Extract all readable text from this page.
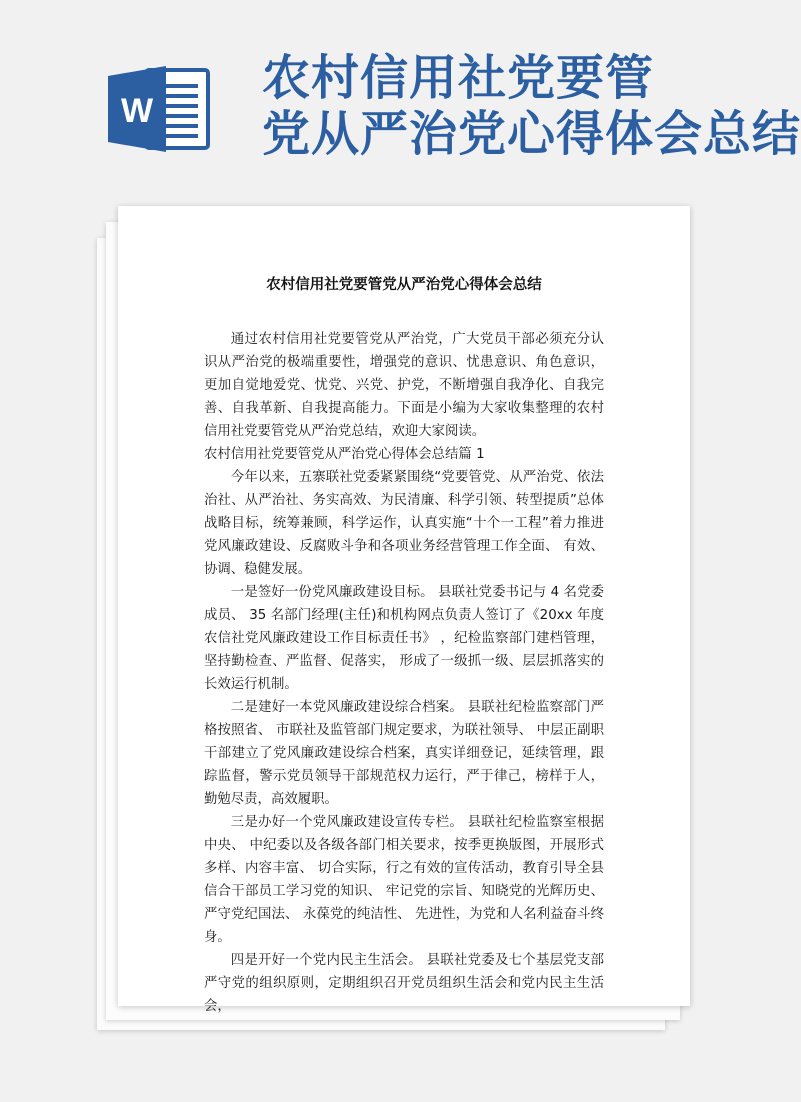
W
农村信用社党要管
党从严治党心得体会总结
农村信用社党要管党从严治党心得体会总结

通过农村信用社党要管党从严治党，广大党员干部必须充分认识从严治党的极端重要性，增强党的意识、忧患意识、角色意识，更加自觉地爱党、忧党、兴党、护党，不断增强自我净化、自我完善、自我革新、自我提高能力。下面是小编为大家收集整理的农村信用社党要管党从严治党总结，欢迎大家阅读。

农村信用社党要管党从严治党心得体会总结篇 1

今年以来，五寨联社党委紧紧围绕“党要管党、从严治党、依法治社、从严治社、务实高效、为民清廉、科学引领、转型提质”总体战略目标，统筹兼顾，科学运作，认真实施“十个一工程”着力推进党风廉政建设、反腐败斗争和各项业务经营管理工作全面、 有效、 协调、稳健发展。

一是签好一份党风廉政建设目标。 县联社党委书记与 4 名党委成员、 35 名部门经理(主任)和机构网点负责人签订了《20xx 年度农信社党风廉政建设工作目标责任书》 ，纪检监察部门建档管理， 坚持勤检查、严监督、促落实， 形成了一级抓一级、层层抓落实的长效运行机制。

二是建好一本党风廉政建设综合档案。 县联社纪检监察部门严格按照省、 市联社及监管部门规定要求，为联社领导、 中层正副职干部建立了党风廉政建设综合档案，真实详细登记，延续管理，跟踪监督，警示党员领导干部规范权力运行，严于律己，榜样于人，勤勉尽责，高效履职。

三是办好一个党风廉政建设宣传专栏。 县联社纪检监察室根据中央、 中纪委以及各级各部门相关要求，按季更换版图，开展形式多样、内容丰富、 切合实际，行之有效的宣传活动，教育引导全县信合干部员工学习党的知识、 牢记党的宗旨、知晓党的光辉历史、严守党纪国法、 永葆党的纯洁性、 先进性，为党和人名利益奋斗终身。

四是开好一个党内民主生活会。 县联社党委及七个基层党支部严守党的组织原则，定期组织召开党员组织生活会和党内民主生活会，
